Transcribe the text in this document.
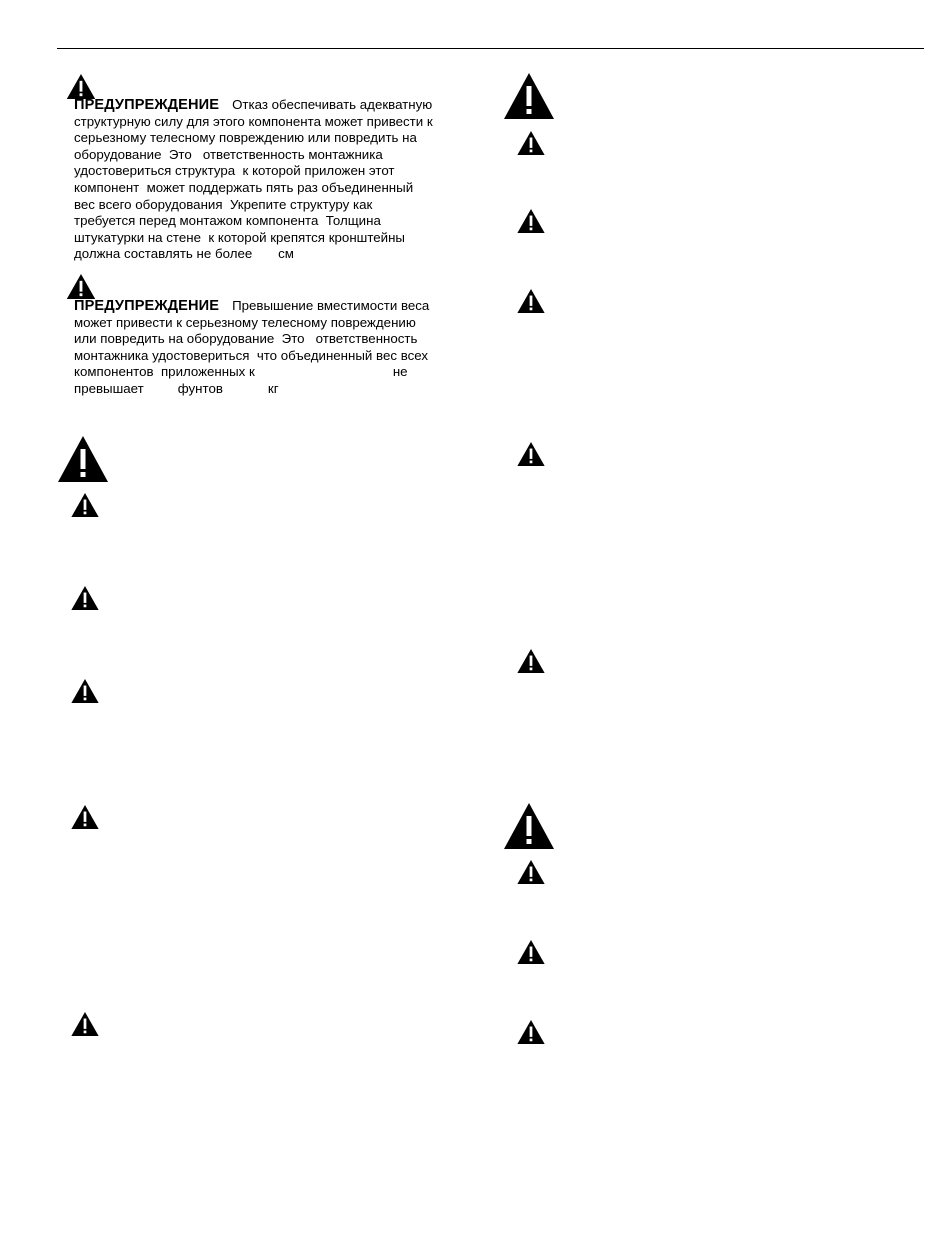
ПРЕДУПРЕЖДЕНИЕ Отказ обеспечивать адекватную
структурную силу для этого компонента может привести к
серьезному телесному повреждению или повредить на
оборудование  Это   ответственность монтажника
удостовериться структура  к которой приложен этот
компонент  может поддержать пять раз объединенный
вес всего оборудования  Укрепите структуру как
требуется перед монтажом компонента  Толщина
штукатурки на стене  к которой крепятся кронштейны
должна составлять не более       см
ПРЕДУПРЕЖДЕНИЕ Превышение вместимости веса
может привести к серьезному телесному повреждению
или повредить на оборудование  Это   ответственность
монтажника удостовериться  что объединенный вес всех
компонентов  приложенных к	не
превышает	фунтов	кг
